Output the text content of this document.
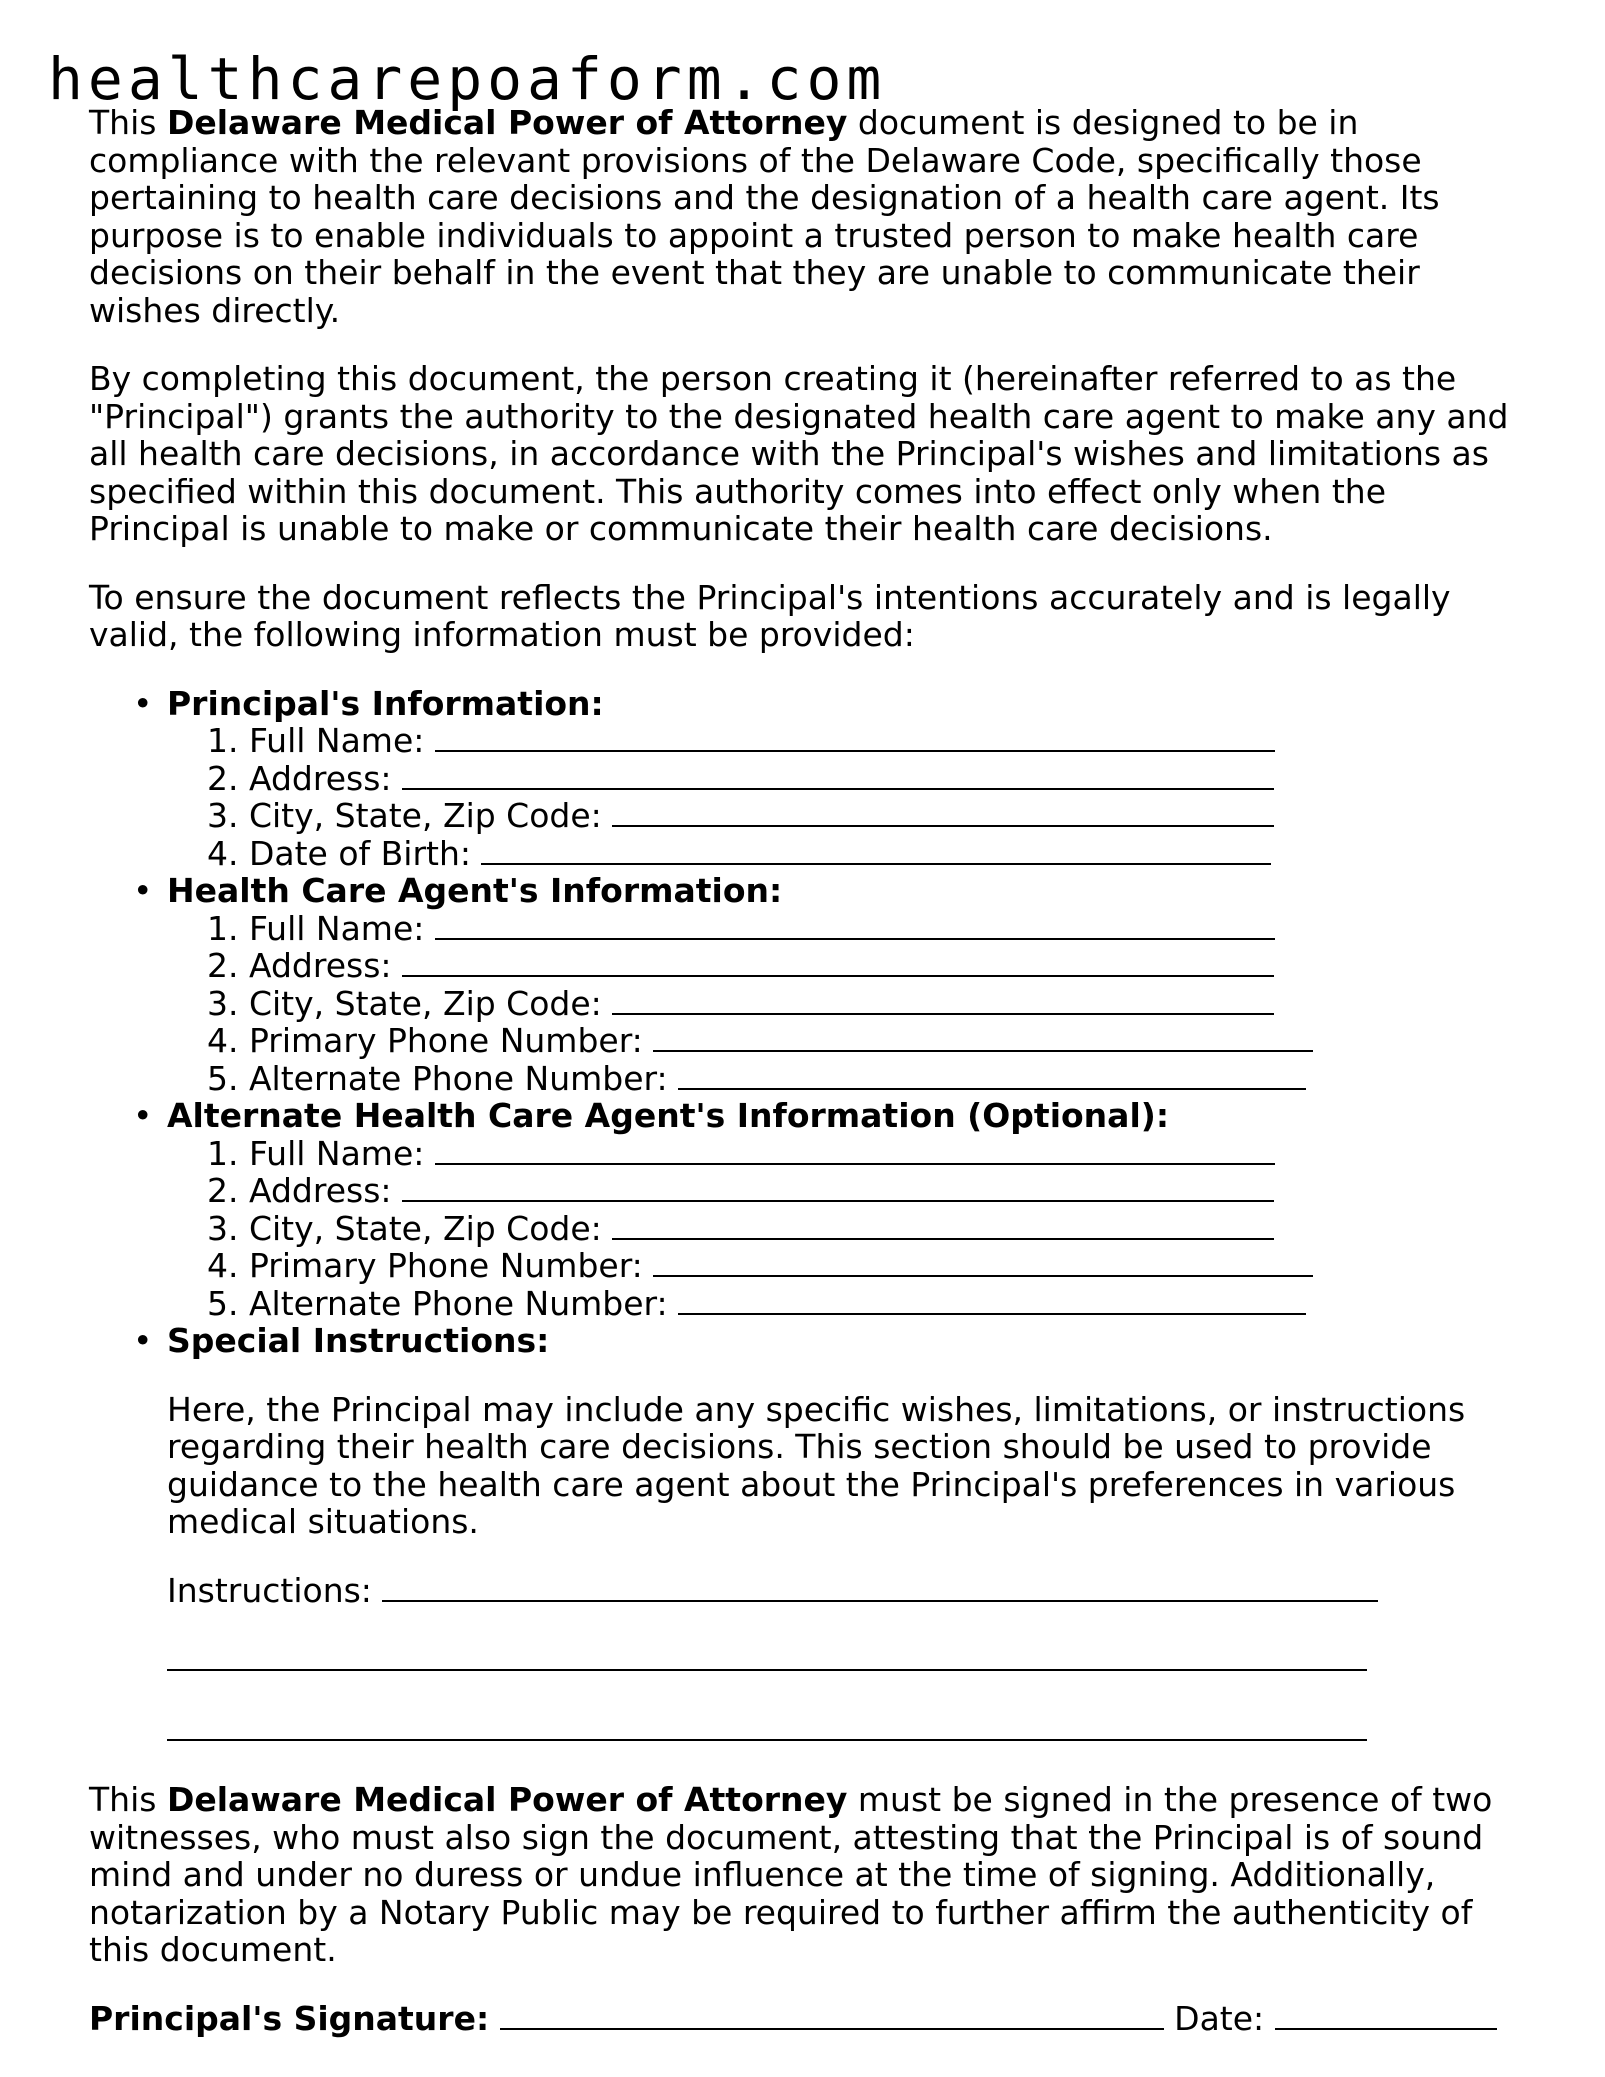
healthcarepoaform.com

This Delaware Medical Power of Attorney document is designed to be in compliance with the relevant provisions of the Delaware Code, specifically those pertaining to health care decisions and the designation of a health care agent. Its purpose is to enable individuals to appoint a trusted person to make health care decisions on their behalf in the event that they are unable to communicate their wishes directly.

By completing this document, the person creating it (hereinafter referred to as the "Principal") grants the authority to the designated health care agent to make any and all health care decisions, in accordance with the Principal's wishes and limitations as specified within this document. This authority comes into effect only when the Principal is unable to make or communicate their health care decisions.

To ensure the document reflects the Principal's intentions accurately and is legally valid, the following information must be provided:

• Principal's Information:
1. Full Name:
2. Address:
3. City, State, Zip Code:
4. Date of Birth:
• Health Care Agent's Information:
1. Full Name:
2. Address:
3. City, State, Zip Code:
4. Primary Phone Number:
5. Alternate Phone Number:
• Alternate Health Care Agent's Information (Optional):
1. Full Name:
2. Address:
3. City, State, Zip Code:
4. Primary Phone Number:
5. Alternate Phone Number:
• Special Instructions:

Here, the Principal may include any specific wishes, limitations, or instructions regarding their health care decisions. This section should be used to provide guidance to the health care agent about the Principal's preferences in various medical situations.

Instructions:

This Delaware Medical Power of Attorney must be signed in the presence of two witnesses, who must also sign the document, attesting that the Principal is of sound mind and under no duress or undue influence at the time of signing. Additionally, notarization by a Notary Public may be required to further affirm the authenticity of this document.

Principal's Signature:	Date:
